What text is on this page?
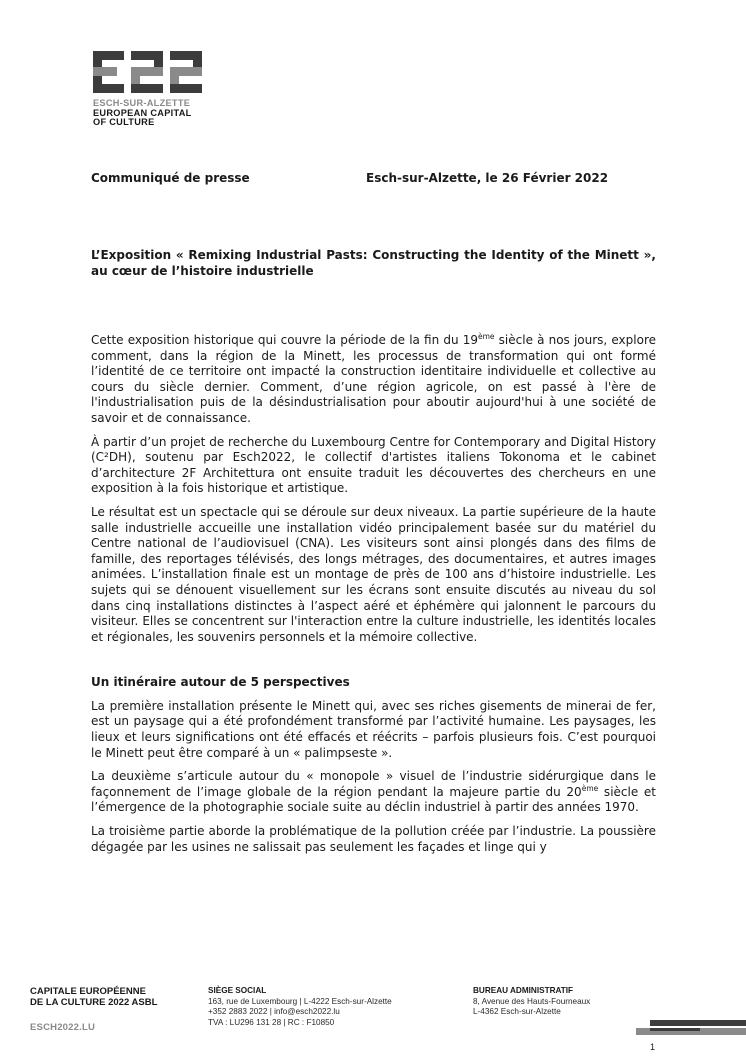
ESCH-SUR-ALZETTE
EUROPEAN CAPITAL
OF CULTURE
Communiqué de presse	Esch-sur-Alzette, le 26 Février 2022

L’Exposition « Remixing Industrial Pasts: Constructing the Identity of the Minett », au cœur de l’histoire industrielle

Cette exposition historique qui couvre la période de la fin du 19ème siècle à nos jours, explore comment, dans la région de la Minett, les processus de transformation qui ont formé l’identité de ce territoire ont impacté la construction identitaire individuelle et collective au cours du siècle dernier. Comment, d’une région agricole, on est passé à l'ère de l'industrialisation puis de la désindustrialisation pour aboutir aujourd'hui à une société de savoir et de connaissance.

À partir d’un projet de recherche du Luxembourg Centre for Contemporary and Digital History (C²DH), soutenu par Esch2022, le collectif d'artistes italiens Tokonoma et le cabinet d’architecture 2F Architettura ont ensuite traduit les découvertes des chercheurs en une exposition à la fois historique et artistique.

Le résultat est un spectacle qui se déroule sur deux niveaux. La partie supérieure de la haute salle industrielle accueille une installation vidéo principalement basée sur du matériel du Centre national de l’audiovisuel (CNA). Les visiteurs sont ainsi plongés dans des films de famille, des reportages télévisés, des longs métrages, des documentaires, et autres images animées. L’installation finale est un montage de près de 100 ans d’histoire industrielle. Les sujets qui se dénouent visuellement sur les écrans sont ensuite discutés au niveau du sol dans cinq installations distinctes à l’aspect aéré et éphémère qui jalonnent le parcours du visiteur. Elles se concentrent sur l'interaction entre la culture industrielle, les identités locales et régionales, les souvenirs personnels et la mémoire collective.

Un itinéraire autour de 5 perspectives

La première installation présente le Minett qui, avec ses riches gisements de minerai de fer, est un paysage qui a été profondément transformé par l’activité humaine. Les paysages, les lieux et leurs significations ont été effacés et réécrits – parfois plusieurs fois. C’est pourquoi le Minett peut être comparé à un « palimpseste ».

La deuxième s’articule autour du « monopole » visuel de l’industrie sidérurgique dans le façonnement de l’image globale de la région pendant la majeure partie du 20ème siècle et l’émergence de la photographie sociale suite au déclin industriel à partir des années 1970.

La troisième partie aborde la problématique de la pollution créée par l’industrie. La poussière dégagée par les usines ne salissait pas seulement les façades et linge qui y

CAPITALE EUROPÉENNE
DE LA CULTURE 2022 ASBL
ESCH2022.LU
SIÈGE SOCIAL
163, rue de Luxembourg | L-4222 Esch-sur-Alzette
+352 2883 2022 | info@esch2022.lu
TVA : LU296 131 28 | RC : F10850
BUREAU ADMINISTRATIF
8, Avenue des Hauts-Fourneaux
L-4362 Esch-sur-Alzette
1
